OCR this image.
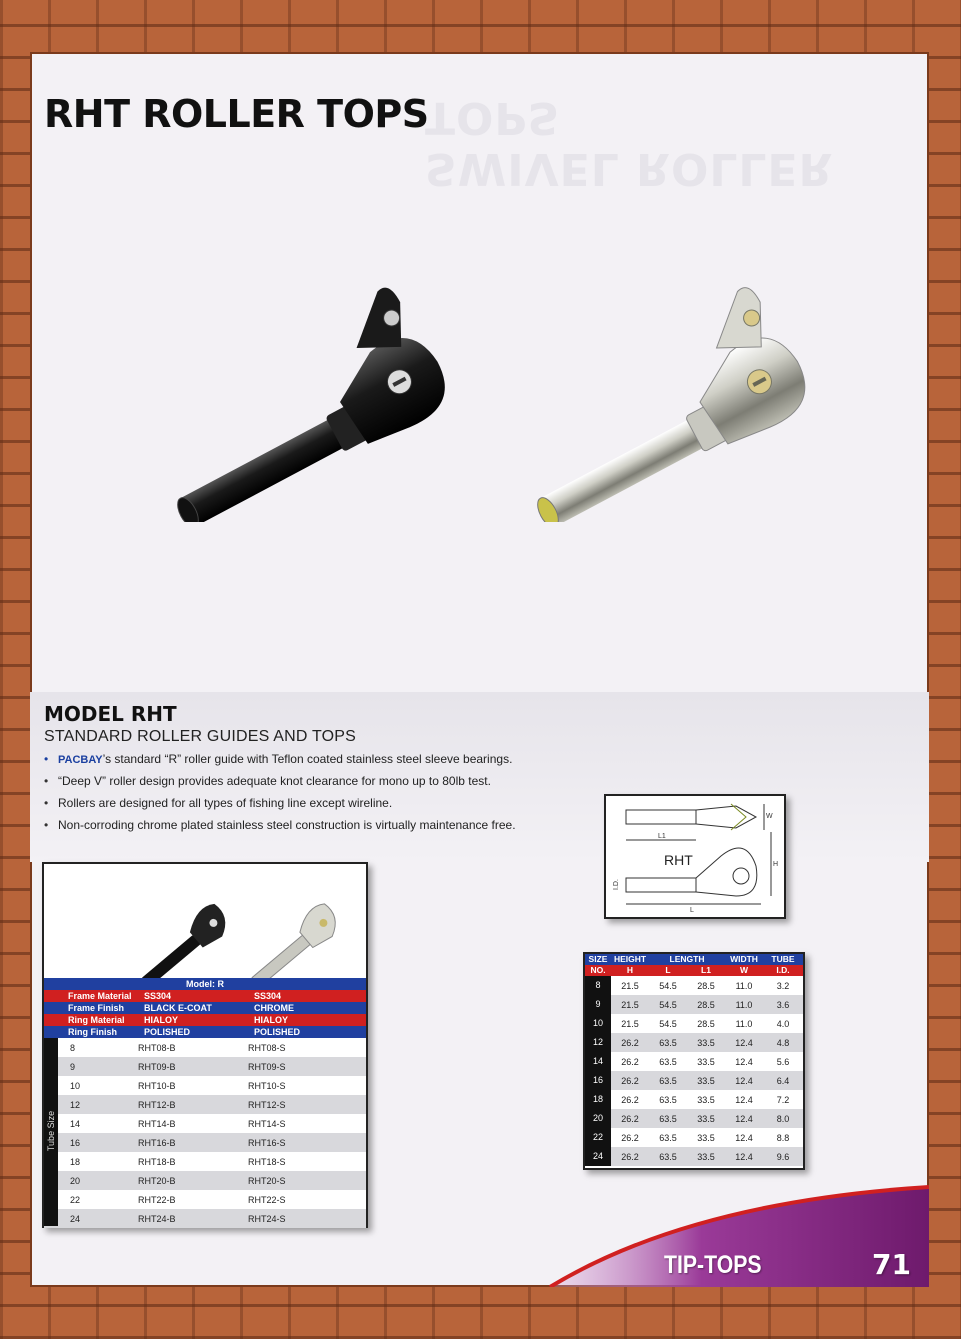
SWIVEL ROLLER TOPS
RHT ROLLER TOPS
MODEL RHT
STANDARD ROLLER GUIDES AND TOPS
• PACBAY’s standard “R” roller guide with Teflon coated stainless steel sleeve bearings.
• “Deep V” roller design provides adequate knot clearance for mono up to 80lb test.
• Rollers are designed for all types of fishing line except wireline.
• Non-corroding chrome plated stainless steel construction is virtually maintenance free.
Model: R
Frame Material	SS304	SS304
Frame Finish	BLACK E-COAT	CHROME
Ring Material	HIALOY	HIALOY
Ring Finish	POLISHED	POLISHED
8	RHT08-B	RHT08-S
9	RHT09-B	RHT09-S
10	RHT10-B	RHT10-S
12	RHT12-B	RHT12-S
14	RHT14-B	RHT14-S
16	RHT16-B	RHT16-S
18	RHT18-B	RHT18-S
20	RHT20-B	RHT20-S
22	RHT22-B	RHT22-S
24	RHT24-B	RHT24-S
Tube Size
L1
L
H
W
I.D.
RHT
SIZE HEIGHT	LENGTH	WIDTH	TUBE
NO.	H	L	L1	W	I.D.
8	21.5	54.5	28.5	11.0	3.2
9	21.5	54.5	28.5	11.0	3.6
10	21.5	54.5	28.5	11.0	4.0
12	26.2	63.5	33.5	12.4	4.8
14	26.2	63.5	33.5	12.4	5.6
16	26.2	63.5	33.5	12.4	6.4
18	26.2	63.5	33.5	12.4	7.2
20	26.2	63.5	33.5	12.4	8.0
22	26.2	63.5	33.5	12.4	8.8
24	26.2	63.5	33.5	12.4	9.6
TIP-TOPS	71
